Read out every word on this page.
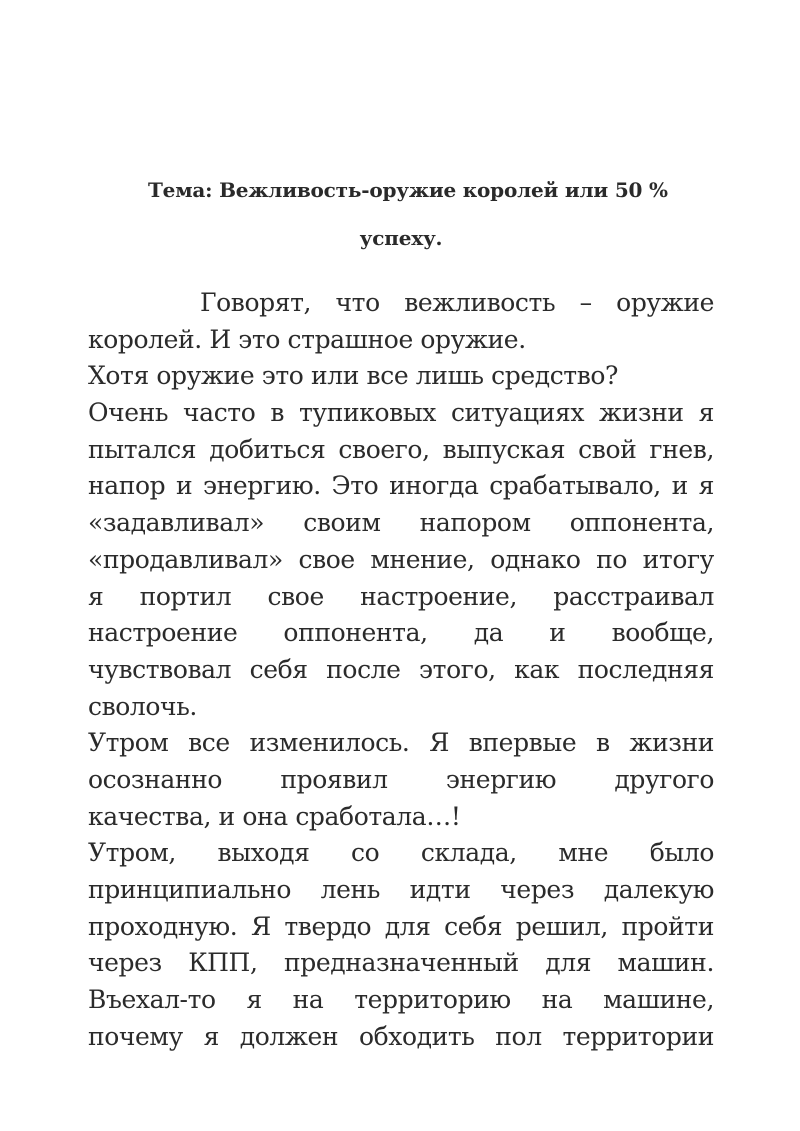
Тема: Вежливость-оружие королей или 50 %
успеху.
Говорят, что вежливость – оружие
королей. И это страшное оружие.
Хотя оружие это или все лишь средство?
Очень часто в тупиковых ситуациях жизни я
пытался добиться своего, выпуская свой гнев,
напор и энергию. Это иногда срабатывало, и я
«задавливал» своим напором оппонента,
«продавливал» свое мнение, однако по итогу
я портил свое настроение, расстраивал
настроение оппонента, да и вообще,
чувствовал себя после этого, как последняя
сволочь.
Утром все изменилось. Я впервые в жизни
осознанно проявил энергию другого
качества, и она сработала…!
Утром, выходя со склада, мне было
принципиально лень идти через далекую
проходную. Я твердо для себя решил, пройти
через КПП, предназначенный для машин.
Въехал-то я на территорию на машине,
почему я должен обходить пол территории
